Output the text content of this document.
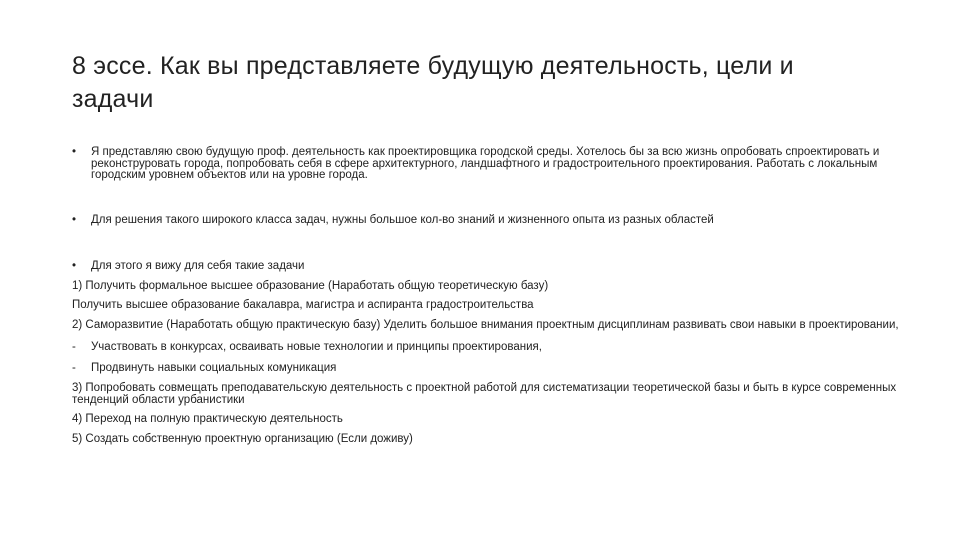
8 эссе. Как вы представляете будущую деятельность, цели и задачи
• Я представляю свою будущую проф. деятельность как проектировщика городской среды. Хотелось бы за всю жизнь опробовать спроектировать и реконструровать города, попробовать себя в сфере архитектурного, ландшафтного и градостроительного проектирования. Работать с локальным городским уровнем объектов или на уровне города.
• Для решения такого широкого класса задач, нужны большое кол-во знаний и жизненного опыта из разных областей
• Для этого я вижу для себя такие задачи
1) Получить формальное высшее образование (Наработать общую теоретическую базу)
Получить высшее образование бакалавра, магистра и аспиранта градостроительства
2) Саморазвитие (Наработать общую практическую базу) Уделить большое внимания проектным дисциплинам развивать свои навыки в проектировании,
- Участвовать в конкурсах, осваивать новые технологии и принципы проектирования,
- Продвинуть навыки социальных комуникация
3) Попробовать совмещать преподавательскую деятельность с проектной работой для систематизации теоретической базы и быть в курсе современных тенденций области урбанистики
4) Переход на полную практическую деятельность
5) Создать собственную проектную организацию (Если доживу)
